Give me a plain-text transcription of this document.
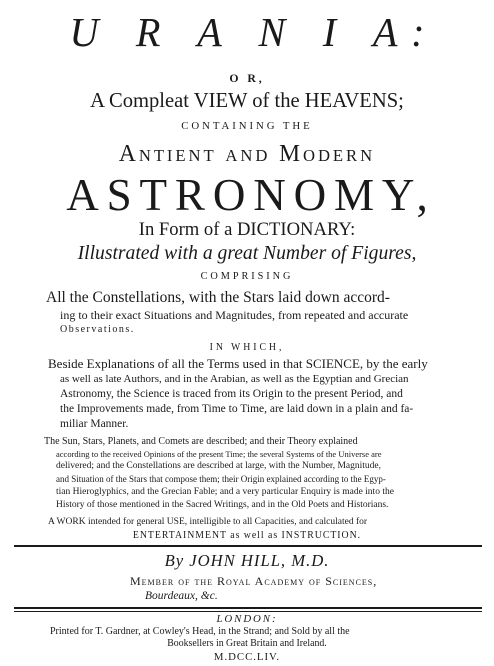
U R A N I A:
O R,
A Compleat VIEW of the HEAVENS;
CONTAINING THE
Antient and Modern
ASTRONOMY,
In Form of a DICTIONARY:
Illustrated with a great Number of Figures,
COMPRISING
All the Constellations, with the Stars laid down accord-
ing to their exact Situations and Magnitudes, from repeated and accurate
Observations.
IN WHICH,
Beside Explanations of all the Terms used in that SCIENCE, by the early
as well as late Authors, and in the Arabian, as well as the Egyptian and Grecian
Astronomy, the Science is traced from its Origin to the present Period, and
the Improvements made, from Time to Time, are laid down in a plain and fa-
miliar Manner.
The Sun, Stars, Planets, and Comets are described; and their Theory explained
according to the received Opinions of the present Time; the several Systems of the Universe are
delivered; and the Constellations are described at large, with the Number, Magnitude,
and Situation of the Stars that compose them; their Origin explained according to the Egyp-
tian Hieroglyphics, and the Grecian Fable; and a very particular Enquiry is made into the
History of those mentioned in the Sacred Writings, and in the Old Poets and Historians.
A WORK intended for general USE, intelligible to all Capacities, and calculated for
ENTERTAINMENT as well as INSTRUCTION.
By JOHN HILL, M.D.
Member of the Royal Academy of Sciences,
Bourdeaux, &c.
LONDON:
Printed for T. Gardner, at Cowley's Head, in the Strand; and Sold by all the
Booksellers in Great Britain and Ireland.
M.DCC.LIV.
